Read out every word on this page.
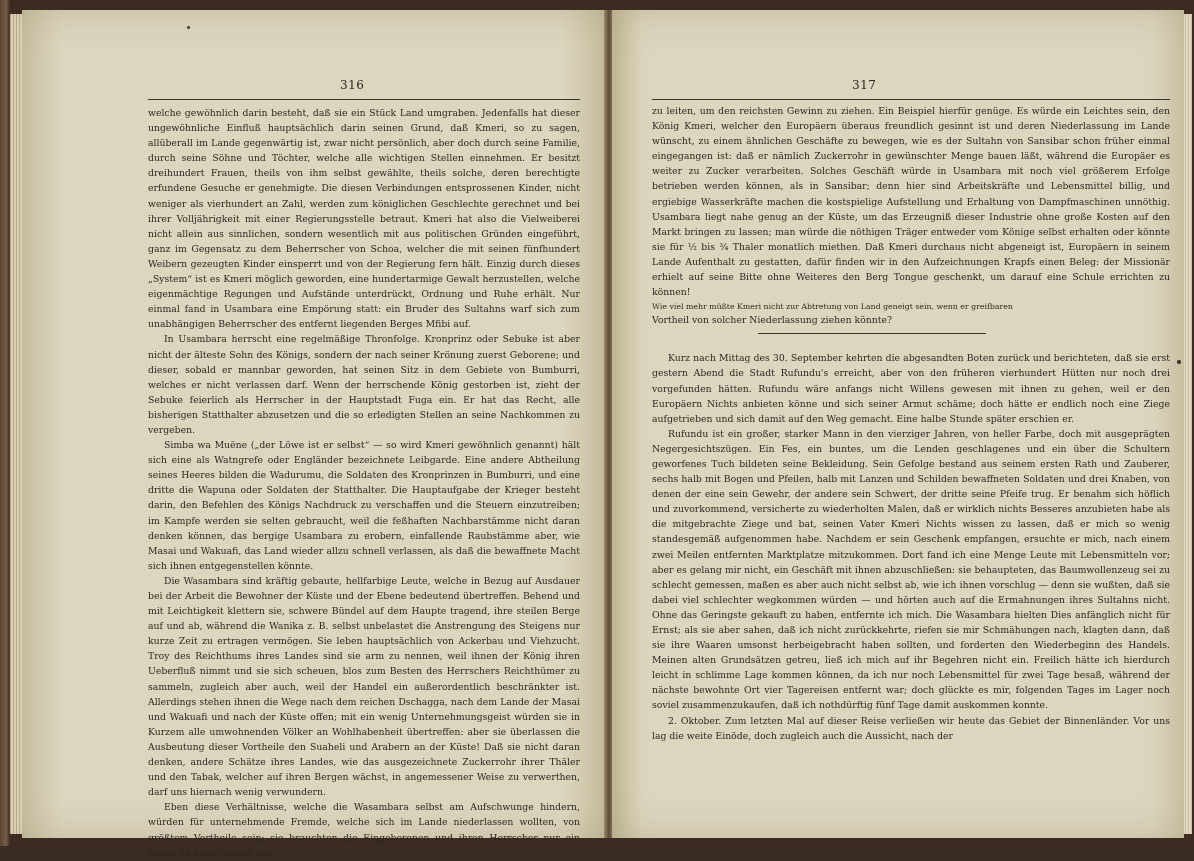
316

welche gewöhnlich darin besteht, daß sie ein Stück Land umgraben. Jedenfalls hat dieser ungewöhnliche Einfluß hauptsächlich darin seinen Grund, daß Kmeri, so zu sagen, allüberall im Lande gegenwärtig ist, zwar nicht persönlich, aber doch durch seine Familie, durch seine Söhne und Töchter, welche alle wichtigen Stellen einnehmen. Er besitzt dreihundert Frauen, theils von ihm selbst gewählte, theils solche, deren berechtigte erfundene Gesuche er genehmigte. Die diesen Verbindungen entsprossenen Kinder, nicht weniger als vierhundert an Zahl, werden zum königlichen Geschlechte gerechnet und bei ihrer Volljährigkeit mit einer Regierungsstelle betraut. Kmeri hat also die Vielweiberei nicht allein aus sinnlichen, sondern wesentlich mit aus politischen Gründen eingeführt, ganz im Gegensatz zu dem Beherrscher von Schoa, welcher die mit seinen fünfhundert Weibern gezeugten Kinder einsperrt und von der Regierung fern hält. Einzig durch dieses „System“ ist es Kmeri möglich geworden, eine hundertarmige Gewalt herzustellen, welche eigenmächtige Regungen und Aufstände unterdrückt, Ordnung und Ruhe erhält. Nur einmal fand in Usambara eine Empörung statt: ein Bruder des Sultahns warf sich zum unabhängigen Beherrscher des entfernt liegenden Berges Mfibi auf.

In Usambara herrscht eine regelmäßige Thronfolge. Kronprinz oder Sebuke ist aber nicht der älteste Sohn des Königs, sondern der nach seiner Krönung zuerst Geborene; und dieser, sobald er mannbar geworden, hat seinen Sitz in dem Gebiete von Bumburri, welches er nicht verlassen darf. Wenn der herrschende König gestorben ist, zieht der Sebuke feierlich als Herrscher in der Hauptstadt Fuga ein. Er hat das Recht, alle bisherigen Statthalter abzusetzen und die so erledigten Stellen an seine Nachkommen zu vergeben.

Simba wa Muëne („der Löwe ist er selbst“ — so wird Kmeri gewöhnlich genannt) hält sich eine als Watngrefe oder Engländer bezeichnete Leibgarde. Eine andere Abtheilung seines Heeres bilden die Wadurumu, die Soldaten des Kronprinzen in Bumburri, und eine dritte die Wapuna oder Soldaten der Statthalter. Die Hauptaufgabe der Krieger besteht darin, den Befehlen des Königs Nachdruck zu verschaffen und die Steuern einzutreiben; im Kampfe werden sie selten gebraucht, weil die feßhaften Nachbarstämme nicht daran denken können, das bergige Usambara zu erobern, einfallende Raubstämme aber, wie Masai und Wakuafi, das Land wieder allzu schnell verlassen, als daß die bewaffnete Macht sich ihnen entgegenstellen könnte.

Die Wasambara sind kräftig gebaute, hellfarbige Leute, welche in Bezug auf Ausdauer bei der Arbeit die Bewohner der Küste und der Ebene bedeutend übertreffen. Behend und mit Leichtigkeit klettern sie, schwere Bündel auf dem Haupte tragend, ihre steilen Berge auf und ab, während die Wanika z. B. selbst unbelastet die Anstrengung des Steigens nur kurze Zeit zu ertragen vermögen. Sie leben hauptsächlich von Ackerbau und Viehzucht. Troy des Reichthums ihres Landes sind sie arm zu nennen, weil ihnen der König ihren Ueberfluß nimmt und sie sich scheuen, blos zum Besten des Herrschers Reichthümer zu sammeln, zugleich aber auch, weil der Handel ein außerordentlich beschränkter ist. Allerdings stehen ihnen die Wege nach dem reichen Dschagga, nach dem Lande der Masai und Wakuafi und nach der Küste offen; mit ein wenig Unternehmungsgeist würden sie in Kurzem alle umwohnenden Völker an Wohlhabenheit übertreffen: aber sie überlassen die Ausbeutung dieser Vortheile den Suaheli und Arabern an der Küste! Daß sie nicht daran denken, andere Schätze ihres Landes, wie das ausgezeichnete Zuckerrohr ihrer Thäler und den Tabak, welcher auf ihren Bergen wächst, in angemessener Weise zu verwerthen, darf uns hiernach wenig verwundern.

Eben diese Verhältnisse, welche die Wasambara selbst am Aufschwunge hindern, würden für unternehmende Fremde, welche sich im Lande niederlassen wollten, von größtem Vortheile sein; sie brauchten die Eingeborenen und ihren Herrscher nur ein wenig zu beeinflussen und

317

zu leiten, um den reichsten Gewinn zu ziehen. Ein Beispiel hierfür genüge. Es würde ein Leichtes sein, den König Kmeri, welcher den Europäern überaus freundlich gesinnt ist und deren Niederlassung im Lande wünscht, zu einem ähnlichen Geschäfte zu bewegen, wie es der Sultahn von Sansibar schon früher einmal eingegangen ist: daß er nämlich Zuckerrohr in gewünschter Menge bauen läßt, während die Europäer es weiter zu Zucker verarbeiten. Solches Geschäft würde in Usambara mit noch viel größerem Erfolge betrieben werden können, als in Sansibar; denn hier sind Arbeitskräfte und Lebensmittel billig, und ergiebige Wasserkräfte machen die kostspielige Aufstellung und Erhaltung von Dampfmaschinen unnöthig. Usambara liegt nahe genug an der Küste, um das Erzeugniß dieser Industrie ohne große Kosten auf den Markt bringen zu lassen; man würde die nöthigen Träger entweder vom Könige selbst erhalten oder könnte sie für ½ bis ¾ Thaler monatlich miethen. Daß Kmeri durchaus nicht abgeneigt ist, Europäern in seinem Lande Aufenthalt zu gestatten, dafür finden wir in den Aufzeichnungen Krapfs einen Beleg: der Missionär erhielt auf seine Bitte ohne Weiteres den Berg Tongue geschenkt, um darauf eine Schule errichten zu können!

Wie viel mehr müßte Kmeri nicht zur Abtretung von Land geneigt sein, wenn er greifbaren

Vortheil von solcher Niederlassung ziehen könnte?

Kurz nach Mittag des 30. September kehrten die abgesandten Boten zurück und berichteten, daß sie erst gestern Abend die Stadt Rufundu's erreicht, aber von den früheren vierhundert Hütten nur noch drei vorgefunden hätten. Rufundu wäre anfangs nicht Willens gewesen mit ihnen zu gehen, weil er den Europäern Nichts anbieten könne und sich seiner Armut schäme; doch hätte er endlich noch eine Ziege aufgetrieben und sich damit auf den Weg gemacht. Eine halbe Stunde später erschien er.

Rufundu ist ein großer, starker Mann in den vierziger Jahren, von heller Farbe, doch mit ausgeprägten Negergesichtszügen. Ein Fes, ein buntes, um die Lenden geschlagenes und ein über die Schultern geworfenes Tuch bildeten seine Bekleidung. Sein Gefolge bestand aus seinem ersten Rath und Zauberer, sechs halb mit Bogen und Pfeilen, halb mit Lanzen und Schilden bewaffneten Soldaten und drei Knaben, von denen der eine sein Gewehr, der andere sein Schwert, der dritte seine Pfeife trug. Er benahm sich höflich und zuvorkommend, versicherte zu wiederholten Malen, daß er wirklich nichts Besseres anzubieten habe als die mitgebrachte Ziege und bat, seinen Vater Kmeri Nichts wissen zu lassen, daß er mich so wenig standesgemäß aufgenommen habe. Nachdem er sein Geschenk empfangen, ersuchte er mich, nach einem zwei Meilen entfernten Marktplatze mitzukommen. Dort fand ich eine Menge Leute mit Lebensmitteln vor; aber es gelang mir nicht, ein Geschäft mit ihnen abzuschließen: sie behaupteten, das Baumwollenzeug sei zu schlecht gemessen, maßen es aber auch nicht selbst ab, wie ich ihnen vorschlug — denn sie wußten, daß sie dabei viel schlechter wegkommen würden — und hörten auch auf die Ermahnungen ihres Sultahns nicht. Ohne das Geringste gekauft zu haben, entfernte ich mich. Die Wasambara hielten Dies anfänglich nicht für Ernst; als sie aber sahen, daß ich nicht zurückkehrte, riefen sie mir Schmähungen nach, klagten dann, daß sie ihre Waaren umsonst herbeigebracht haben sollten, und forderten den Wiederbeginn des Handels. Meinen alten Grundsätzen getreu, ließ ich mich auf ihr Begehren nicht ein. Freilich hätte ich hierdurch leicht in schlimme Lage kommen können, da ich nur noch Lebensmittel für zwei Tage besaß, während der nächste bewohnte Ort vier Tagereisen entfernt war; doch glückte es mir, folgenden Tages im Lager noch soviel zusammenzukaufen, daß ich nothdürftig fünf Tage damit auskommen konnte.

2. Oktober. Zum letzten Mal auf dieser Reise verließen wir heute das Gebiet der Binnenländer. Vor uns lag die weite Einöde, doch zugleich auch die Aussicht, nach der
